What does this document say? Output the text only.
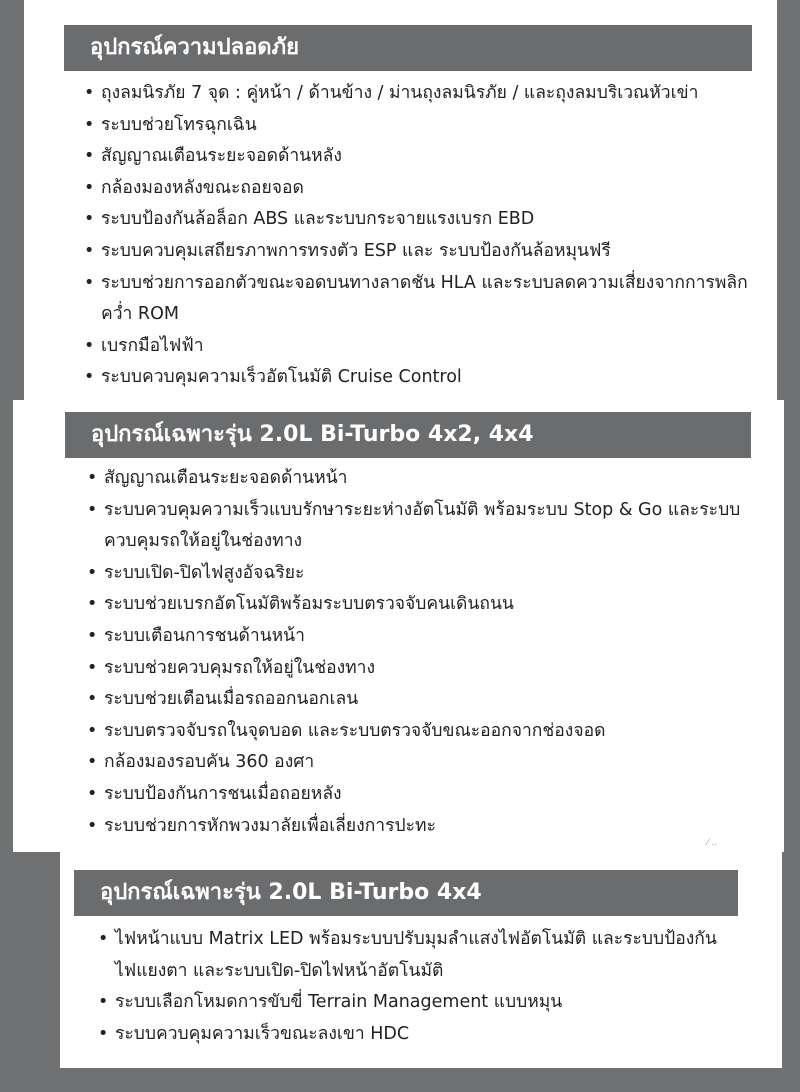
อุปกรณ์ความปลอดภัย
• ถุงลมนิรภัย 7 จุด : คู่หน้า / ด้านข้าง / ม่านถุงลมนิรภัย / และถุงลมบริเวณหัวเข่า
• ระบบช่วยโทรฉุกเฉิน
• สัญญาณเตือนระยะจอดด้านหลัง
• กล้องมองหลังขณะถอยจอด
• ระบบป้องกันล้อล็อก ABS และระบบกระจายแรงเบรก EBD
• ระบบควบคุมเสถียรภาพการทรงตัว ESP และ ระบบป้องกันล้อหมุนฟรี
• ระบบช่วยการออกตัวขณะจอดบนทางลาดชัน HLA และระบบลดความเสี่ยงจากการพลิกคว่ำ ROM
• เบรกมือไฟฟ้า
• ระบบควบคุมความเร็วอัตโนมัติ Cruise Control
อุปกรณ์เฉพาะรุ่น 2.0L Bi-Turbo 4x2, 4x4
• สัญญาณเตือนระยะจอดด้านหน้า
• ระบบควบคุมความเร็วแบบรักษาระยะห่างอัตโนมัติ พร้อมระบบ Stop & Go และระบบควบคุมรถให้อยู่ในช่องทาง
• ระบบเปิด-ปิดไฟสูงอัจฉริยะ
• ระบบช่วยเบรกอัตโนมัติพร้อมระบบตรวจจับคนเดินถนน
• ระบบเตือนการชนด้านหน้า
• ระบบช่วยควบคุมรถให้อยู่ในช่องทาง
• ระบบช่วยเตือนเมื่อรถออกนอกเลน
• ระบบตรวจจับรถในจุดบอด และระบบตรวจจับขณะออกจากช่องจอด
• กล้องมองรอบคัน 360 องศา
• ระบบป้องกันการชนเมื่อถอยหลัง
• ระบบช่วยการหักพวงมาลัยเพื่อเลี่ยงการปะทะ
⁄ ‥
อุปกรณ์เฉพาะรุ่น 2.0L Bi-Turbo 4x4
• ไฟหน้าแบบ Matrix LED พร้อมระบบปรับมุมลำแสงไฟอัตโนมัติ และระบบป้องกันไฟแยงตา และระบบเปิด-ปิดไฟหน้าอัตโนมัติ
• ระบบเลือกโหมดการขับขี่ Terrain Management แบบหมุน
• ระบบควบคุมความเร็วขณะลงเขา HDC
